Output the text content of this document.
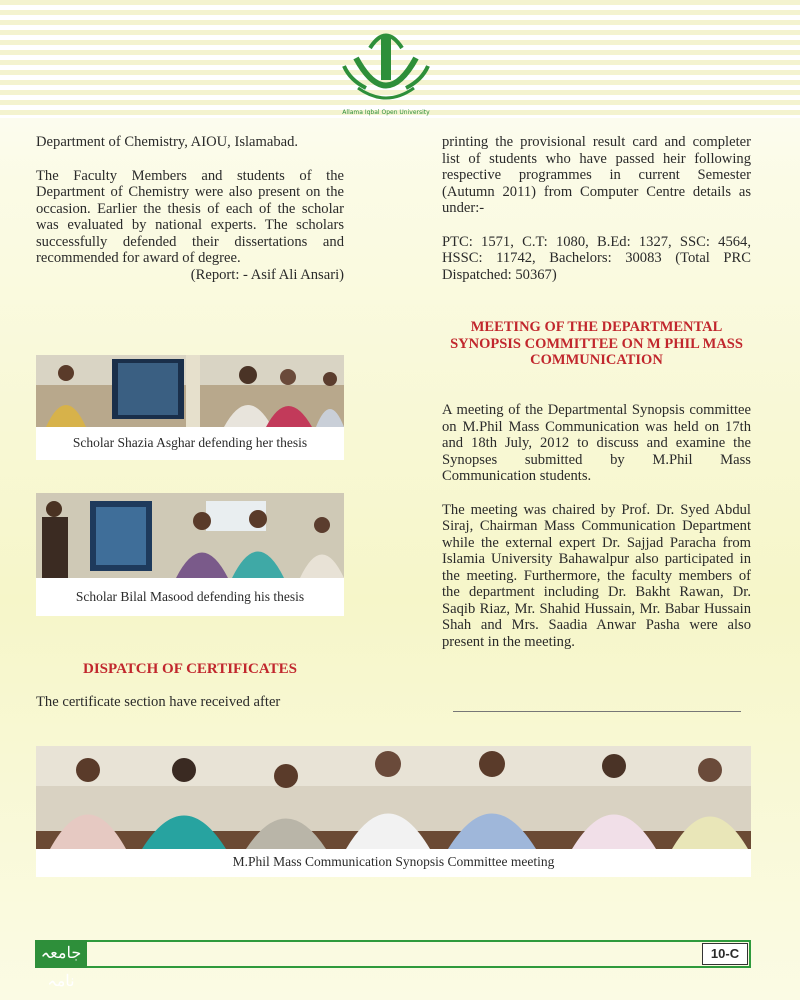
Allama Iqbal Open University

Department of Chemistry, AIOU, Islamabad.

The Faculty Members and students of the Department of Chemistry were also present on the occasion. Earlier the thesis of each of the scholar was evaluated by national experts. The scholars successfully defended their dissertations and recommended for award of degree.

(Report: - Asif Ali Ansari)
Scholar Shazia Asghar defending her thesis
Scholar Bilal Masood defending his thesis
DISPATCH OF CERTIFICATES
The certificate section have received after

printing the provisional result card and completer list of students who have passed heir following respective programmes in current Semester (Autumn 2011) from Computer Centre details as under:-

PTC: 1571, C.T: 1080, B.Ed: 1327, SSC: 4564, HSSC: 11742, Bachelors: 30083 (Total PRC Dispatched: 50367)

MEETING OF THE DEPARTMENTAL SYNOPSIS COMMITTEE ON M PHIL MASS COMMUNICATION

A meeting of the Departmental Synopsis committee on M.Phil Mass Communication was held on 17th and 18th July, 2012 to discuss and examine the Synopses submitted by M.Phil Mass Communication students.

The meeting was chaired by Prof. Dr. Syed Abdul Siraj, Chairman Mass Communication Department while the external expert Dr. Sajjad Paracha from Islamia University Bahawalpur also participated in the meeting. Furthermore, the faculty members of the department including Dr. Bakht Rawan, Dr. Saqib Riaz, Mr. Shahid Hussain, Mr. Babar Hussain Shah and Mrs. Saadia Anwar Pasha were also present in the meeting.

M.Phil Mass Communication Synopsis Committee meeting
جامعہ نامہ
10-C
